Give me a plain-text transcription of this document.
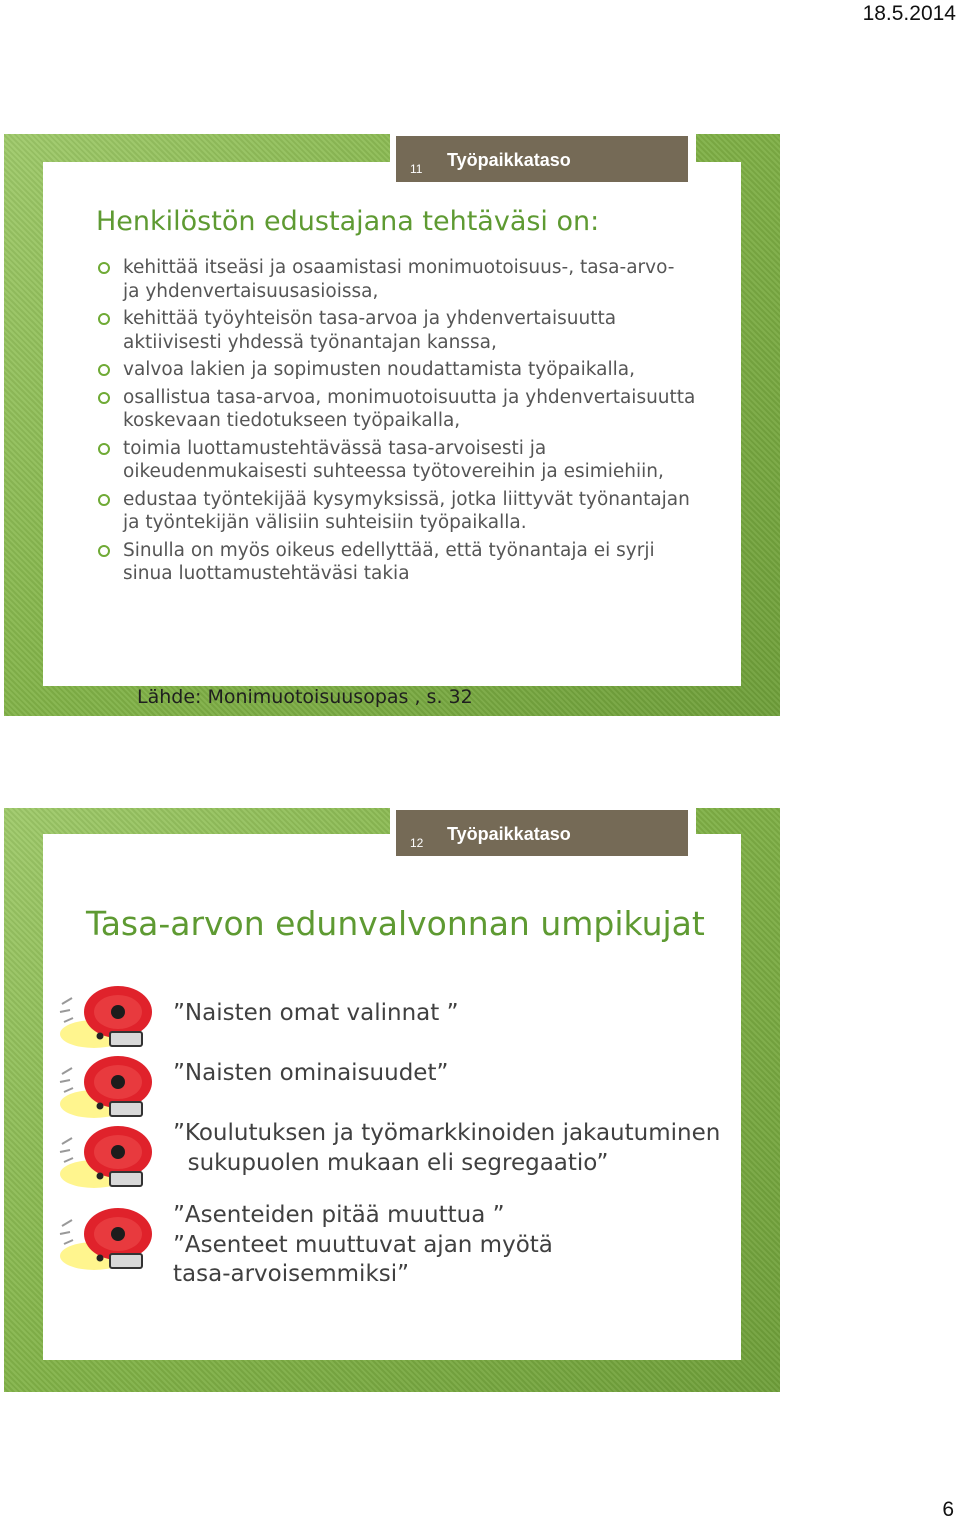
18.5.2014
11 Työpaikkataso
Henkilöstön edustajana tehtäväsi on:
kehittää itseäsi ja osaamistasi monimuotoisuus-, tasa-arvo- ja yhdenvertaisuusasioissa,
kehittää työyhteisön tasa-arvoa ja yhdenvertaisuutta aktiivisesti yhdessä työnantajan kanssa,
valvoa lakien ja sopimusten noudattamista työpaikalla,
osallistua tasa-arvoa, monimuotoisuutta ja yhdenvertaisuutta koskevaan tiedotukseen työpaikalla,
toimia luottamustehtävässä tasa-arvoisesti ja oikeudenmukaisesti suhteessa työtovereihin ja esimiehiin,
edustaa työntekijää kysymyksissä, jotka liittyvät työnantajan ja työntekijän välisiin suhteisiin työpaikalla.
Sinulla on myös oikeus edellyttää, että työnantaja ei syrji sinua luottamustehtäväsi takia
Lähde: Monimuotoisuusopas , s. 32
12 Työpaikkataso
Tasa-arvon edunvalvonnan umpikujat
”Naisten omat valinnat ”
”Naisten ominaisuudet”
”Koulutuksen ja työmarkkinoiden jakautuminen
sukupuolen mukaan eli segregaatio”
”Asenteiden pitää muuttua ”
”Asenteet muuttuvat ajan myötä
tasa-arvoisemmiksi”
6
